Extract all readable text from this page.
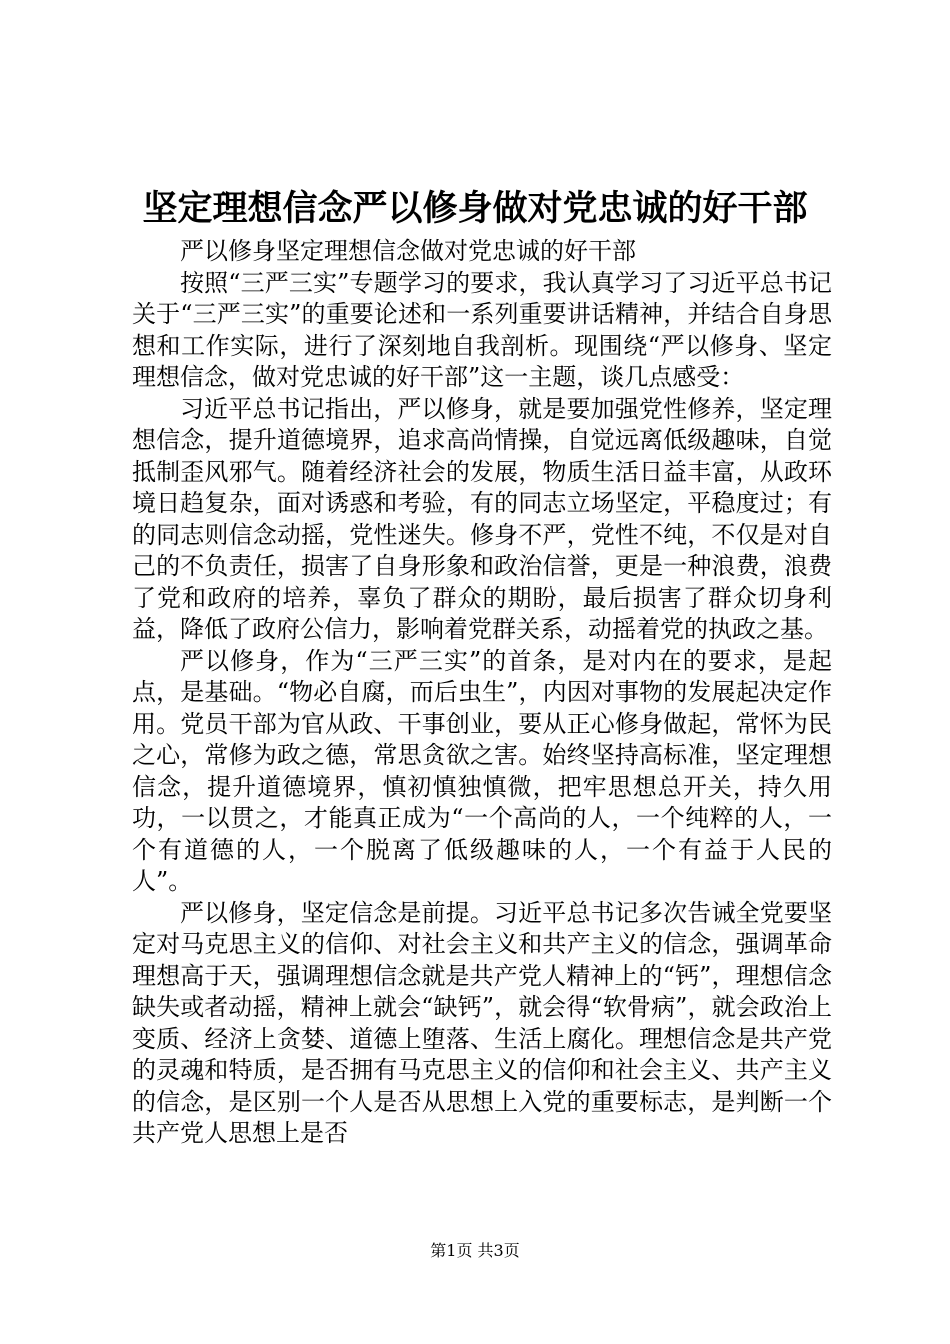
坚定理想信念严以修身做对党忠诚的好干部

严以修身坚定理想信念做对党忠诚的好干部

按照“三严三实”专题学习的要求，我认真学习了习近平总书记关于“三严三实”的重要论述和一系列重要讲话精神，并结合自身思想和工作实际，进行了深刻地自我剖析。现围绕“严以修身、坚定理想信念，做对党忠诚的好干部”这一主题，谈几点感受：

习近平总书记指出，严以修身，就是要加强党性修养，坚定理想信念，提升道德境界，追求高尚情操，自觉远离低级趣味，自觉抵制歪风邪气。随着经济社会的发展，物质生活日益丰富，从政环境日趋复杂，面对诱惑和考验，有的同志立场坚定，平稳度过；有的同志则信念动摇，党性迷失。修身不严，党性不纯，不仅是对自己的不负责任，损害了自身形象和政治信誉，更是一种浪费，浪费了党和政府的培养，辜负了群众的期盼，最后损害了群众切身利益，降低了政府公信力，影响着党群关系，动摇着党的执政之基。

严以修身，作为“三严三实”的首条，是对内在的要求，是起点，是基础。“物必自腐，而后虫生”，内因对事物的发展起决定作用。党员干部为官从政、干事创业，要从正心修身做起，常怀为民之心，常修为政之德，常思贪欲之害。始终坚持高标准，坚定理想信念，提升道德境界，慎初慎独慎微，把牢思想总开关，持久用功，一以贯之，才能真正成为“一个高尚的人，一个纯粹的人，一个有道德的人，一个脱离了低级趣味的人，一个有益于人民的人”。

严以修身，坚定信念是前提。习近平总书记多次告诫全党要坚定对马克思主义的信仰、对社会主义和共产主义的信念，强调革命理想高于天，强调理想信念就是共产党人精神上的“钙”，理想信念缺失或者动摇，精神上就会“缺钙”，就会得“软骨病”，就会政治上变质、经济上贪婪、道德上堕落、生活上腐化。理想信念是共产党的灵魂和特质，是否拥有马克思主义的信仰和社会主义、共产主义的信念，是区别一个人是否从思想上入党的重要标志，是判断一个共产党人思想上是否

第1页 共3页
